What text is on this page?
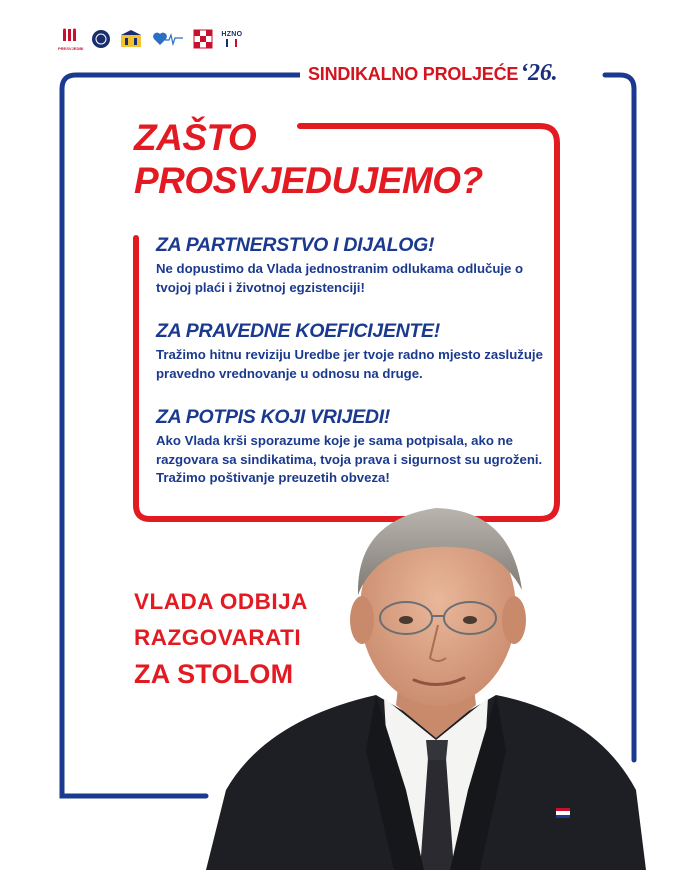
PRESVJEDBI
HZNO
SINDIKALNO PROLJEĆE ‘26.
ZAŠTO
PROSVJEDUJEMO?
ZA PARTNERSTVO I DIJALOG!

Ne dopustimo da Vlada jednostranim odlukama odlučuje o tvojoj plaći i životnoj egzistenciji!

ZA PRAVEDNE KOEFICIJENTE!

Tražimo hitnu reviziju Uredbe jer tvoje radno mjesto zaslužuje pravedno vrednovanje u odnosu na druge.

ZA POTPIS KOJI VRIJEDI!

Ako Vlada krši sporazume koje je sama potpisala, ako ne razgovara sa sindikatima, tvoja prava i sigurnost su ugroženi. Tražimo poštivanje preuzetih obveza!

VLADA ODBIJA
RAZGOVARATI
ZA STOLOM
